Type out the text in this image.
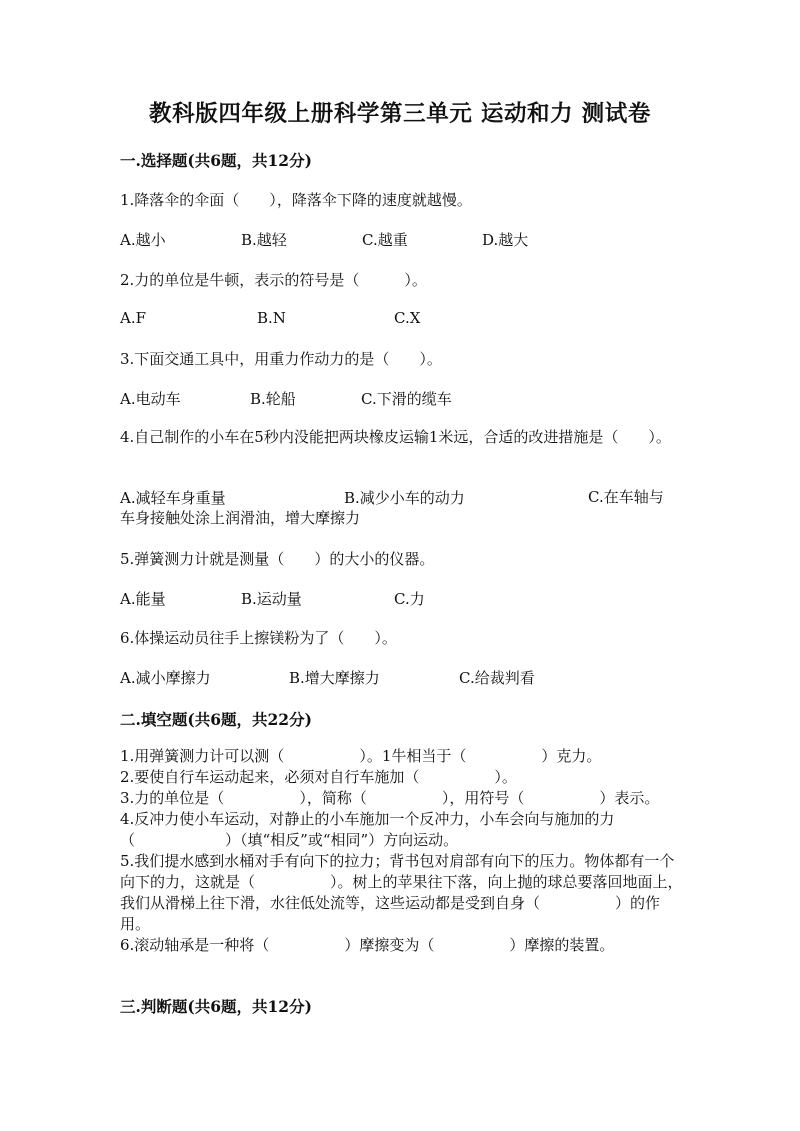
教科版四年级上册科学第三单元 运动和力 测试卷
一.选择题(共6题，共12分)
1.降落伞的伞面（　　），降落伞下降的速度就越慢。
A.越小	B.越轻	C.越重	D.越大
2.力的单位是牛顿，表示的符号是（　　　）。
A.F	B.N	C.X
3.下面交通工具中，用重力作动力的是（　　）。
A.电动车	B.轮船	C.下滑的缆车
4.自己制作的小车在5秒内没能把两块橡皮运输1米远，合适的改进措施是（　　）。
A.减轻车身重量	B.减少小车的动力	C.在车轴与车身接触处涂上润滑油，增大摩擦力
5.弹簧测力计就是测量（　　）的大小的仪器。
A.能量	B.运动量	C.力
6.体操运动员往手上擦镁粉为了（　　）。
A.减小摩擦力	B.增大摩擦力	C.给裁判看
二.填空题(共6题，共22分)
1.用弹簧测力计可以测（　　　　　）。1牛相当于（　　　　　）克力。
2.要使自行车运动起来，必须对自行车施加（　　　　　）。
3.力的单位是（　　　　　），简称（　　　　　），用符号（　　　　　）表示。
4.反冲力使小车运动，对静止的小车施加一个反冲力，小车会向与施加的力（　　　　　　）（填“相反”或“相同”）方向运动。
5.我们提水感到水桶对手有向下的拉力；背书包对肩部有向下的压力。物体都有一个向下的力，这就是（　　　　　）。树上的苹果往下落，向上抛的球总要落回地面上，我们从滑梯上往下滑，水往低处流等，这些运动都是受到自身（　　　　　）的作用。
6.滚动轴承是一种将（　　　　　）摩擦变为（　　　　　）摩擦的装置。
三.判断题(共6题，共12分)
